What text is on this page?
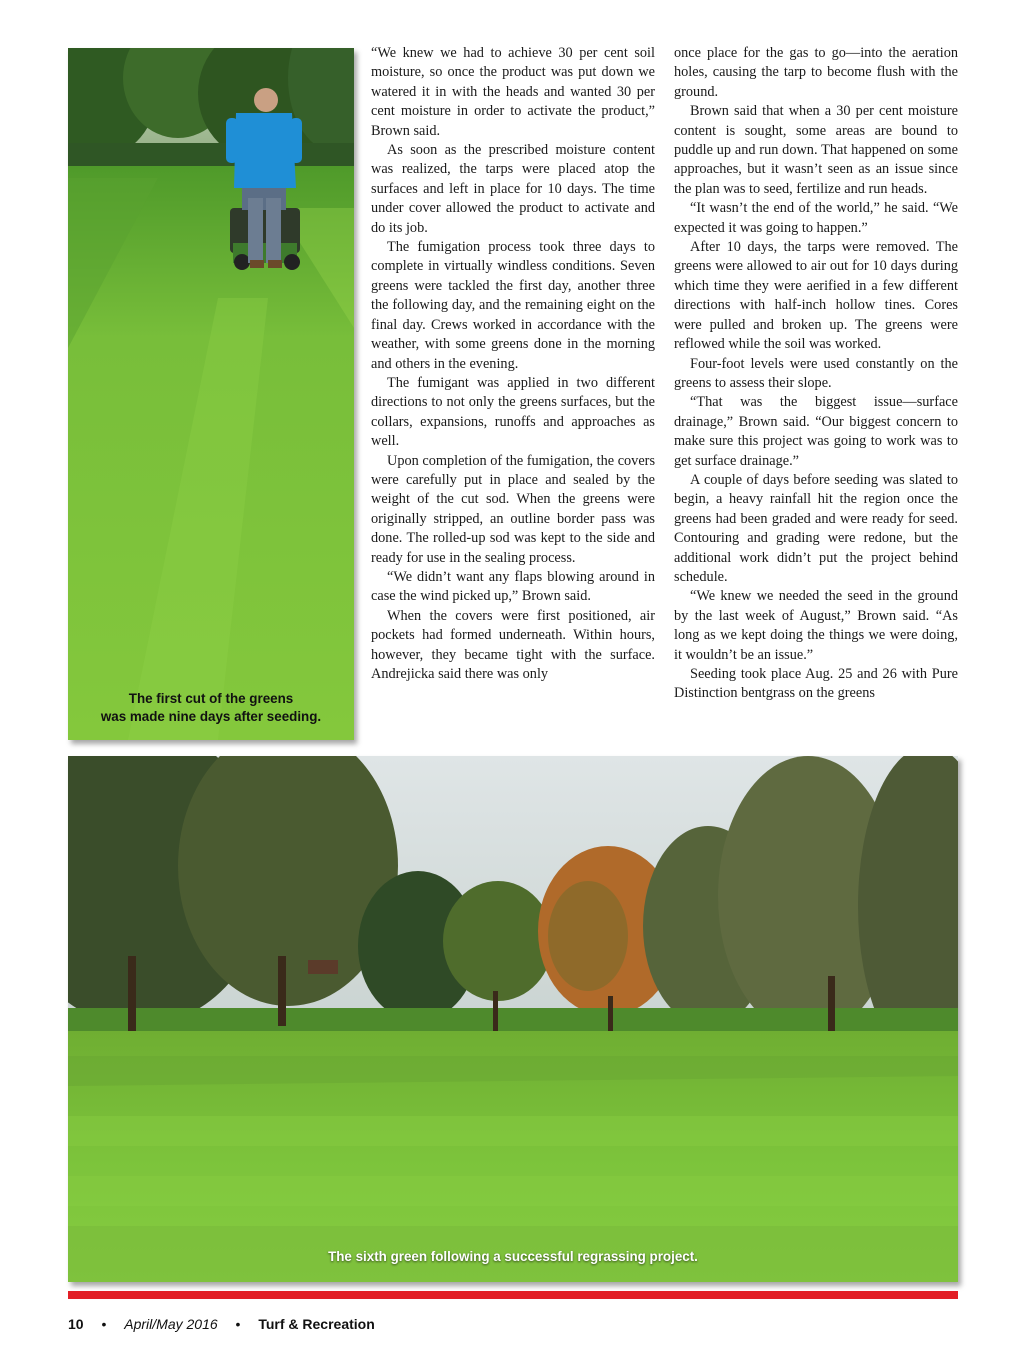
The first cut of the greens
was made nine days after seeding.

“We knew we had to achieve 30 per cent soil moisture, so once the product was put down we watered it in with the heads and wanted 30 per cent moisture in order to activate the product,” Brown said.

As soon as the prescribed moisture content was realized, the tarps were placed atop the surfaces and left in place for 10 days. The time under cover allowed the product to activate and do its job.

The fumigation process took three days to complete in virtually windless conditions. Seven greens were tackled the first day, another three the following day, and the remaining eight on the final day. Crews worked in accordance with the weather, with some greens done in the morning and others in the evening.

The fumigant was applied in two different directions to not only the greens surfaces, but the collars, expansions, runoffs and approaches as well.

Upon completion of the fumigation, the covers were carefully put in place and sealed by the weight of the cut sod. When the greens were originally stripped, an outline border pass was done. The rolled-up sod was kept to the side and ready for use in the sealing process.

“We didn’t want any flaps blowing around in case the wind picked up,” Brown said.

When the covers were first positioned, air pockets had formed underneath. Within hours, however, they became tight with the surface. Andrejicka said there was only

once place for the gas to go—into the aeration holes, causing the tarp to become flush with the ground.

Brown said that when a 30 per cent moisture content is sought, some areas are bound to puddle up and run down. That happened on some approaches, but it wasn’t seen as an issue since the plan was to seed, fertilize and run heads.

“It wasn’t the end of the world,” he said. “We expected it was going to happen.”

After 10 days, the tarps were removed. The greens were allowed to air out for 10 days during which time they were aerified in a few different directions with half-inch hollow tines. Cores were pulled and broken up. The greens were reflowed while the soil was worked.

Four-foot levels were used constantly on the greens to assess their slope.

“That was the biggest issue—surface drainage,” Brown said. “Our biggest concern to make sure this project was going to work was to get surface drainage.”

A couple of days before seeding was slated to begin, a heavy rainfall hit the region once the greens had been graded and were ready for seed. Contouring and grading were redone, but the additional work didn’t put the project behind schedule.

“We knew we needed the seed in the ground by the last week of August,” Brown said. “As long as we kept doing the things we were doing, it wouldn’t be an issue.”

Seeding took place Aug. 25 and 26 with Pure Distinction bentgrass on the greens

The sixth green following a successful regrassing project.
10 • April/May 2016 • Turf & Recreation
